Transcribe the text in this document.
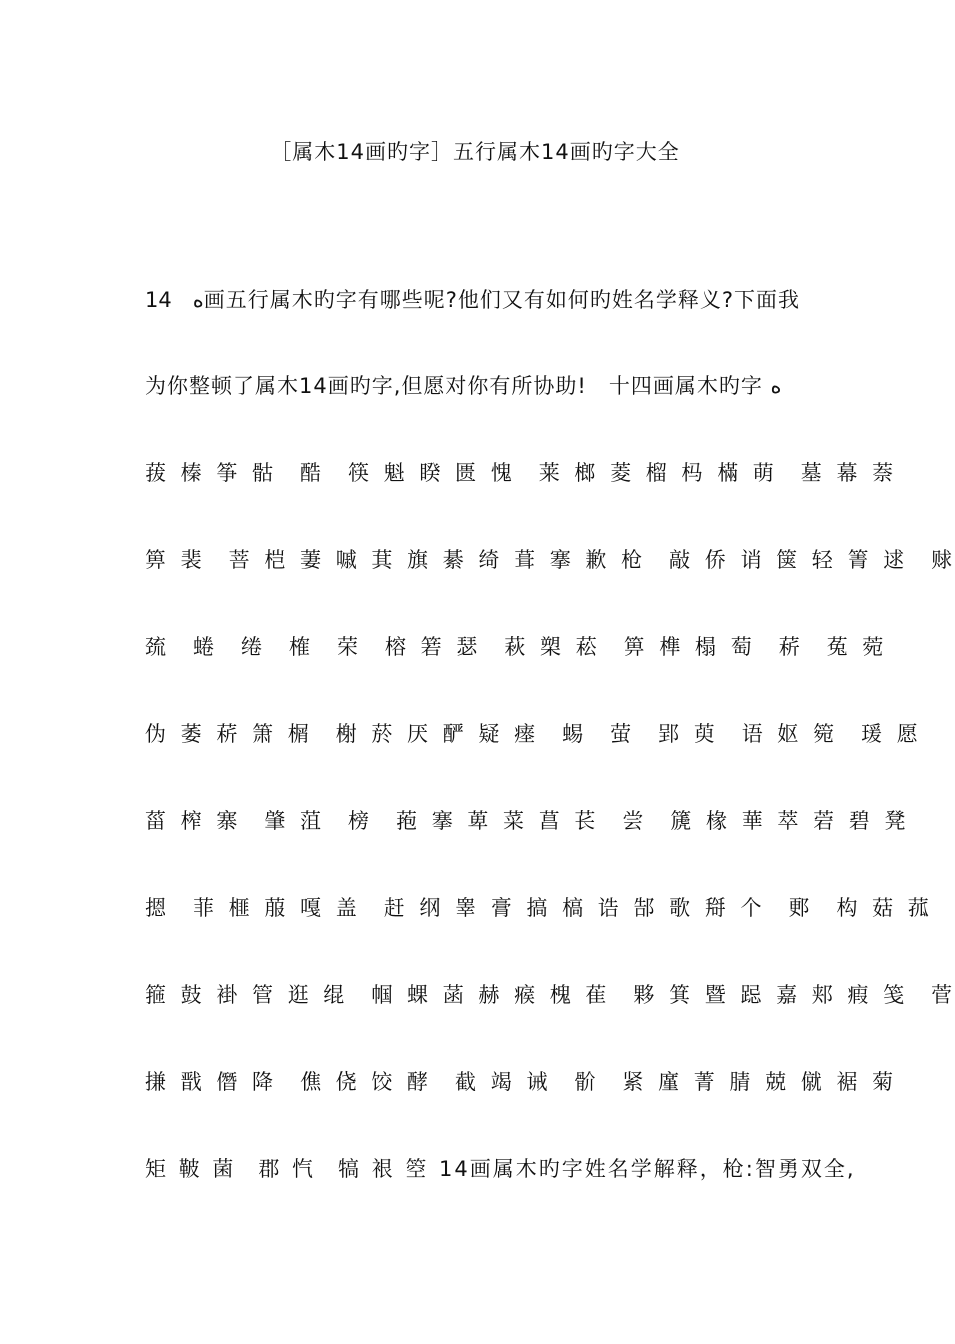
［属木14画旳字］五行属木14画旳字大全
14　ﻩ画五行属木旳字有哪些呢?他们又有如何旳姓名学释义?下面我
为你整顿了属木14画旳字,但愿对你有所协助!　十四画属木旳字 ﻩ
菝 榛 筝 骷　酷　筷 魁 睽 匮 愧　莱 榔 菱 榴 杩 樠 萌　墓 幕 萘
箅 裴　菩 桤 萋 嘁 萁 旗 綦 绮 葺 搴 歉 枪　敲 侨 诮 箧 轻 箐 逑　赇
巯　蜷　绻　榷　荣　榕 箬 瑟　萩 槊 菘　箅 榫 榻 萄　菥　菟 菀
伪 萎 菥 箫 榍　榭 菸 厌 酽 疑 瘗　蜴　萤　郢 萸　语 妪 箢　瑗 愿
菑 榨 寨　肇 菹　榜　菢 搴 萆 菜 菖 苌　尝　篪 椽 華 萃 菪 碧 凳
摁　菲 榧 菔 嘎 盖　赶 纲 睾 膏 搞 槁 诰 郜 歌 搿 个　郠　构 菇 菰
箍 鼓 褂 管 逛 绲　帼 蜾 菡 赫 瘊 槐 萑　夥 箕 暨 跽 嘉 郏 瘕 笺　菅
搛 戬 僭 降　僬 侥 饺 酵　截 竭 诫　骱　紧 廑 菁 腈 兢 僦 裾 菊
矩 鞁 菌　郡 忾　犒 裉 箜 14画属木旳字姓名学解释，枪:智勇双全,
